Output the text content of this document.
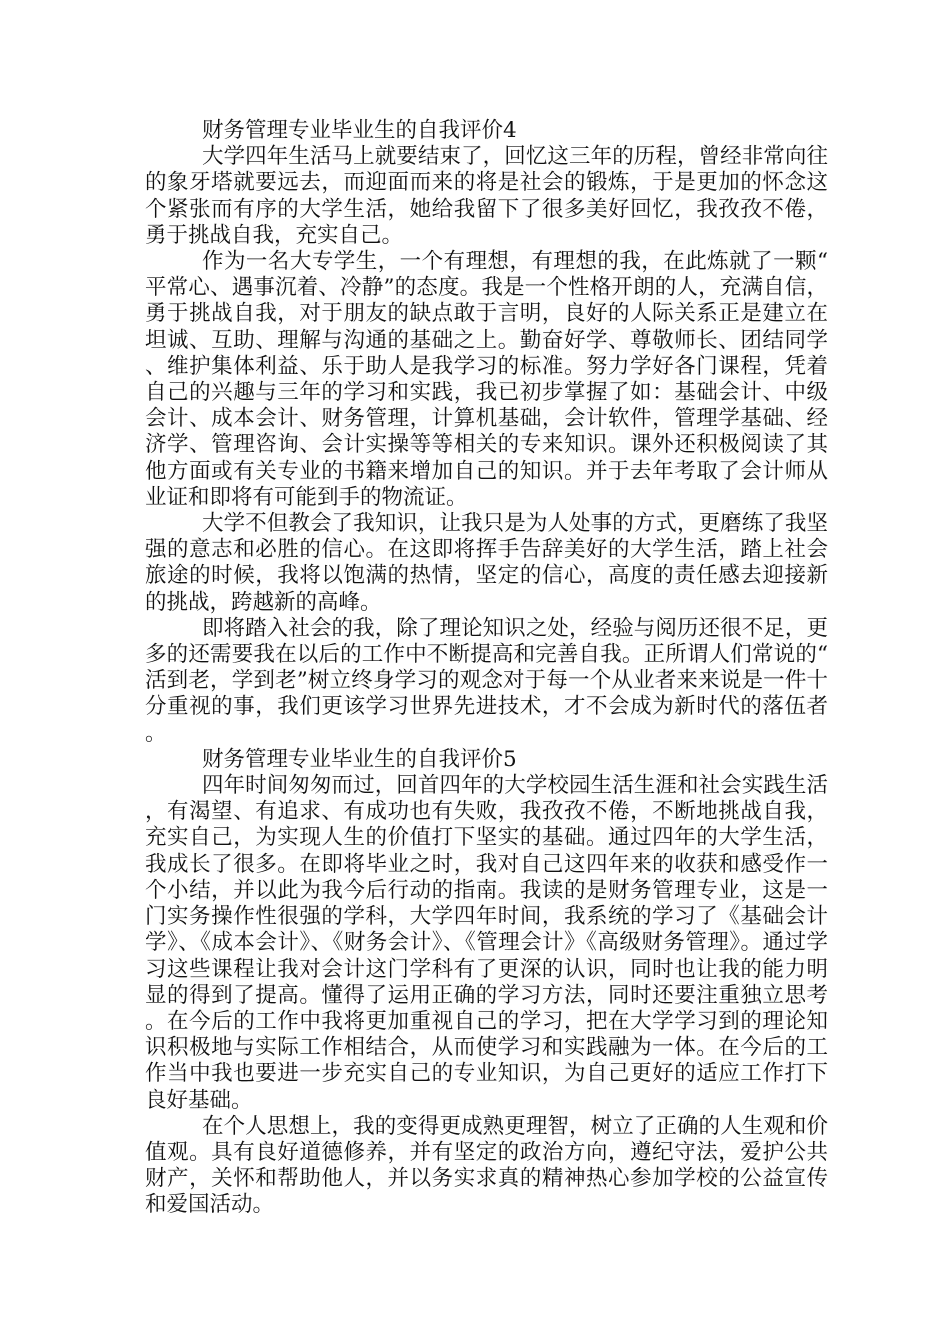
财务管理专业毕业生的自我评价4

大学四年生活马上就要结束了，回忆这三年的历程，曾经非常向往的象牙塔就要远去，而迎面而来的将是社会的锻炼，于是更加的怀念这个紧张而有序的大学生活，她给我留下了很多美好回忆，我孜孜不倦，勇于挑战自我，充实自己。

作为一名大专学生，一个有理想，有理想的我，在此炼就了一颗“平常心、遇事沉着、冷静”的态度。我是一个性格开朗的人，充满自信，勇于挑战自我，对于朋友的缺点敢于言明，良好的人际关系正是建立在坦诚、互助、理解与沟通的基础之上。勤奋好学、尊敬师长、团结同学、维护集体利益、乐于助人是我学习的标准。努力学好各门课程，凭着自己的兴趣与三年的学习和实践，我已初步掌握了如：基础会计、中级会计、成本会计、财务管理，计算机基础，会计软件，管理学基础、经济学、管理咨询、会计实操等等相关的专来知识。课外还积极阅读了其他方面或有关专业的书籍来增加自己的知识。并于去年考取了会计师从业证和即将有可能到手的物流证。

大学不但教会了我知识，让我只是为人处事的方式，更磨练了我坚强的意志和必胜的信心。在这即将挥手告辞美好的大学生活，踏上社会旅途的时候，我将以饱满的热情，坚定的信心，高度的责任感去迎接新的挑战，跨越新的高峰。

即将踏入社会的我，除了理论知识之处，经验与阅历还很不足，更多的还需要我在以后的工作中不断提高和完善自我。正所谓人们常说的“活到老，学到老”树立终身学习的观念对于每一个从业者来来说是一件十分重视的事，我们更该学习世界先进技术，才不会成为新时代的落伍者。

财务管理专业毕业生的自我评价5

四年时间匆匆而过，回首四年的大学校园生活生涯和社会实践生活，有渴望、有追求、有成功也有失败，我孜孜不倦，不断地挑战自我，充实自己，为实现人生的价值打下坚实的基础。通过四年的大学生活，我成长了很多。在即将毕业之时，我对自己这四年来的收获和感受作一个小结，并以此为我今后行动的指南。我读的是财务管理专业，这是一门实务操作性很强的学科，大学四年时间，我系统的学习了《基础会计学》、《成本会计》、《财务会计》、《管理会计》《高级财务管理》。通过学习这些课程让我对会计这门学科有了更深的认识，同时也让我的能力明显的得到了提高。懂得了运用正确的学习方法，同时还要注重独立思考。在今后的工作中我将更加重视自己的学习，把在大学学习到的理论知识积极地与实际工作相结合，从而使学习和实践融为一体。在今后的工作当中我也要进一步充实自己的专业知识，为自己更好的适应工作打下良好基础。

在个人思想上，我的变得更成熟更理智，树立了正确的人生观和价值观。具有良好道德修养，并有坚定的政治方向，遵纪守法，爱护公共财产，关怀和帮助他人，并以务实求真的精神热心参加学校的公益宣传和爱国活动。
